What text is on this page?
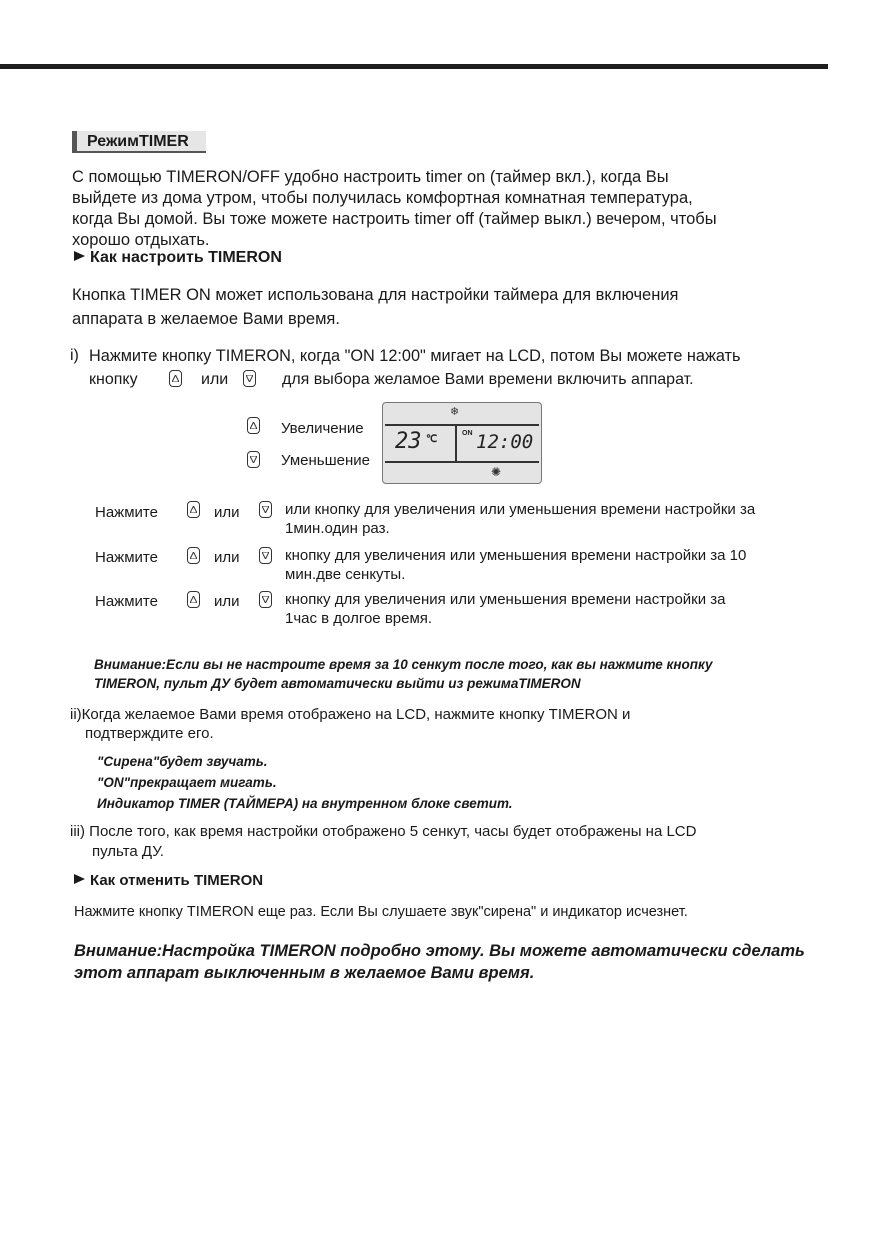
РежимTIMER
С помощью TIMERON/OFF удобно настроить timer on (таймер вкл.), когда Вы
выйдете из дома утром, чтобы получилась комфортная комнатная температура,
когда Вы домой. Вы тоже можете настроить timer off (таймер выкл.) вечером, чтобы
хорошо отдыхать.
Как настроить TIMERON
Кнопка TIMER ON может использована для настройки таймера для включения
аппарата в желаемое Вами время.
i) Нажмите кнопку TIMERON, когда "ON 12:00" мигает на LCD, потом Вы можете нажать
кнопку	или	для выбора желамое Вами времени включить аппарат.
Увеличение
Уменьшение
❄
23 ℃
ON 12:00
✺
Нажмите	или	или кнопку для увеличения или уменьшения времени настройки за
1мин.один раз.
Нажмите	или	кнопку для увеличения или уменьшения времени настройки за 10
мин.две сенкуты.
Нажмите	или	кнопку для увеличения или уменьшения времени настройки за
1час в долгое время.
Внимание:Если вы не настроите время за 10 сенкут после того, как вы нажмите кнопку
TIMERON, пульт ДУ будет автоматически выйти из режимаTIMERON
ii)Когда желаемое Вами время отображено на LCD, нажмите кнопку TIMERON и
подтверждите его.
"Сирена"будет звучать.
"ON"прекращает мигать.
Индикатор TIMER (ТАЙМЕРА) на внутренном блоке светит.
iii) После того, как время настройки отображено 5 сенкут, часы будет отображены на LCD
пульта ДУ.
Как отменить TIMERON
Нажмите кнопку TIMERON еще раз. Если Вы слушаете звук"сирена" и индикатор исчезнет.
Внимание:Настройка TIMERON подробно этому. Вы можете автоматически сделать
этот аппарат выключенным в желаемое Вами время.
